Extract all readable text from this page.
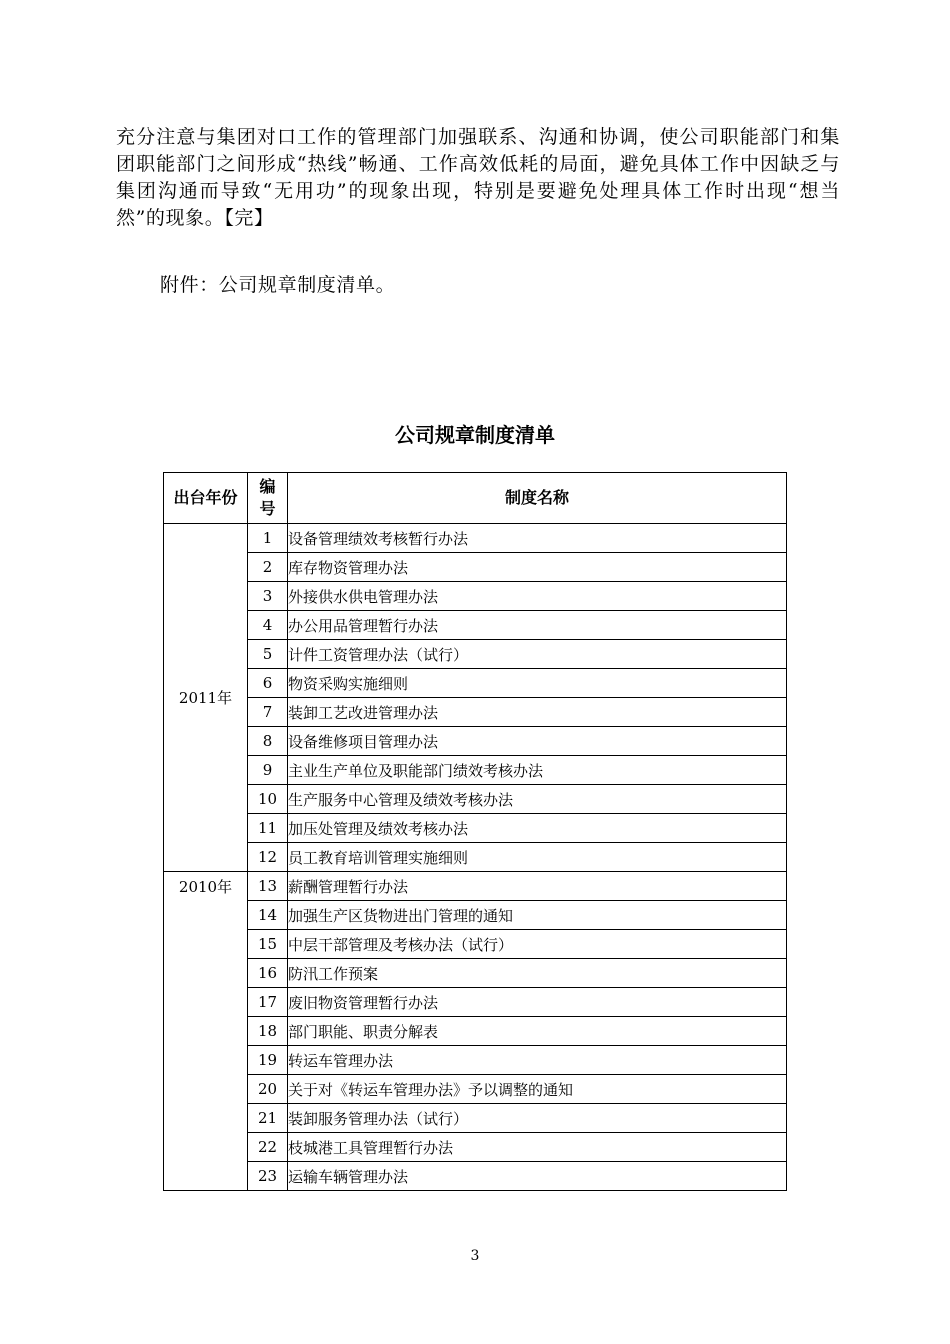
充分注意与集团对口工作的管理部门加强联系、沟通和协调，使公司职能部门和集团职能部门之间形成“热线”畅通、工作高效低耗的局面，避免具体工作中因缺乏与集团沟通而导致“无用功”的现象出现，特别是要避免处理具体工作时出现“想当然”的现象。【完】

附件：公司规章制度清单。

公司规章制度清单
出台年份	编号	制度名称
2011年	1	设备管理绩效考核暂行办法
	2	库存物资管理办法
	3	外接供水供电管理办法
	4	办公用品管理暂行办法
	5	计件工资管理办法（试行）
	6	物资采购实施细则
	7	装卸工艺改进管理办法
	8	设备维修项目管理办法
	9	主业生产单位及职能部门绩效考核办法
	10	生产服务中心管理及绩效考核办法
	11	加压处管理及绩效考核办法
	12	员工教育培训管理实施细则
2010年	13	薪酬管理暂行办法
	14	加强生产区货物进出门管理的通知
	15	中层干部管理及考核办法（试行）
	16	防汛工作预案
	17	废旧物资管理暂行办法
	18	部门职能、职责分解表
	19	转运车管理办法
	20	关于对《转运车管理办法》予以调整的通知
	21	装卸服务管理办法（试行）
	22	枝城港工具管理暂行办法
	23	运输车辆管理办法

3
